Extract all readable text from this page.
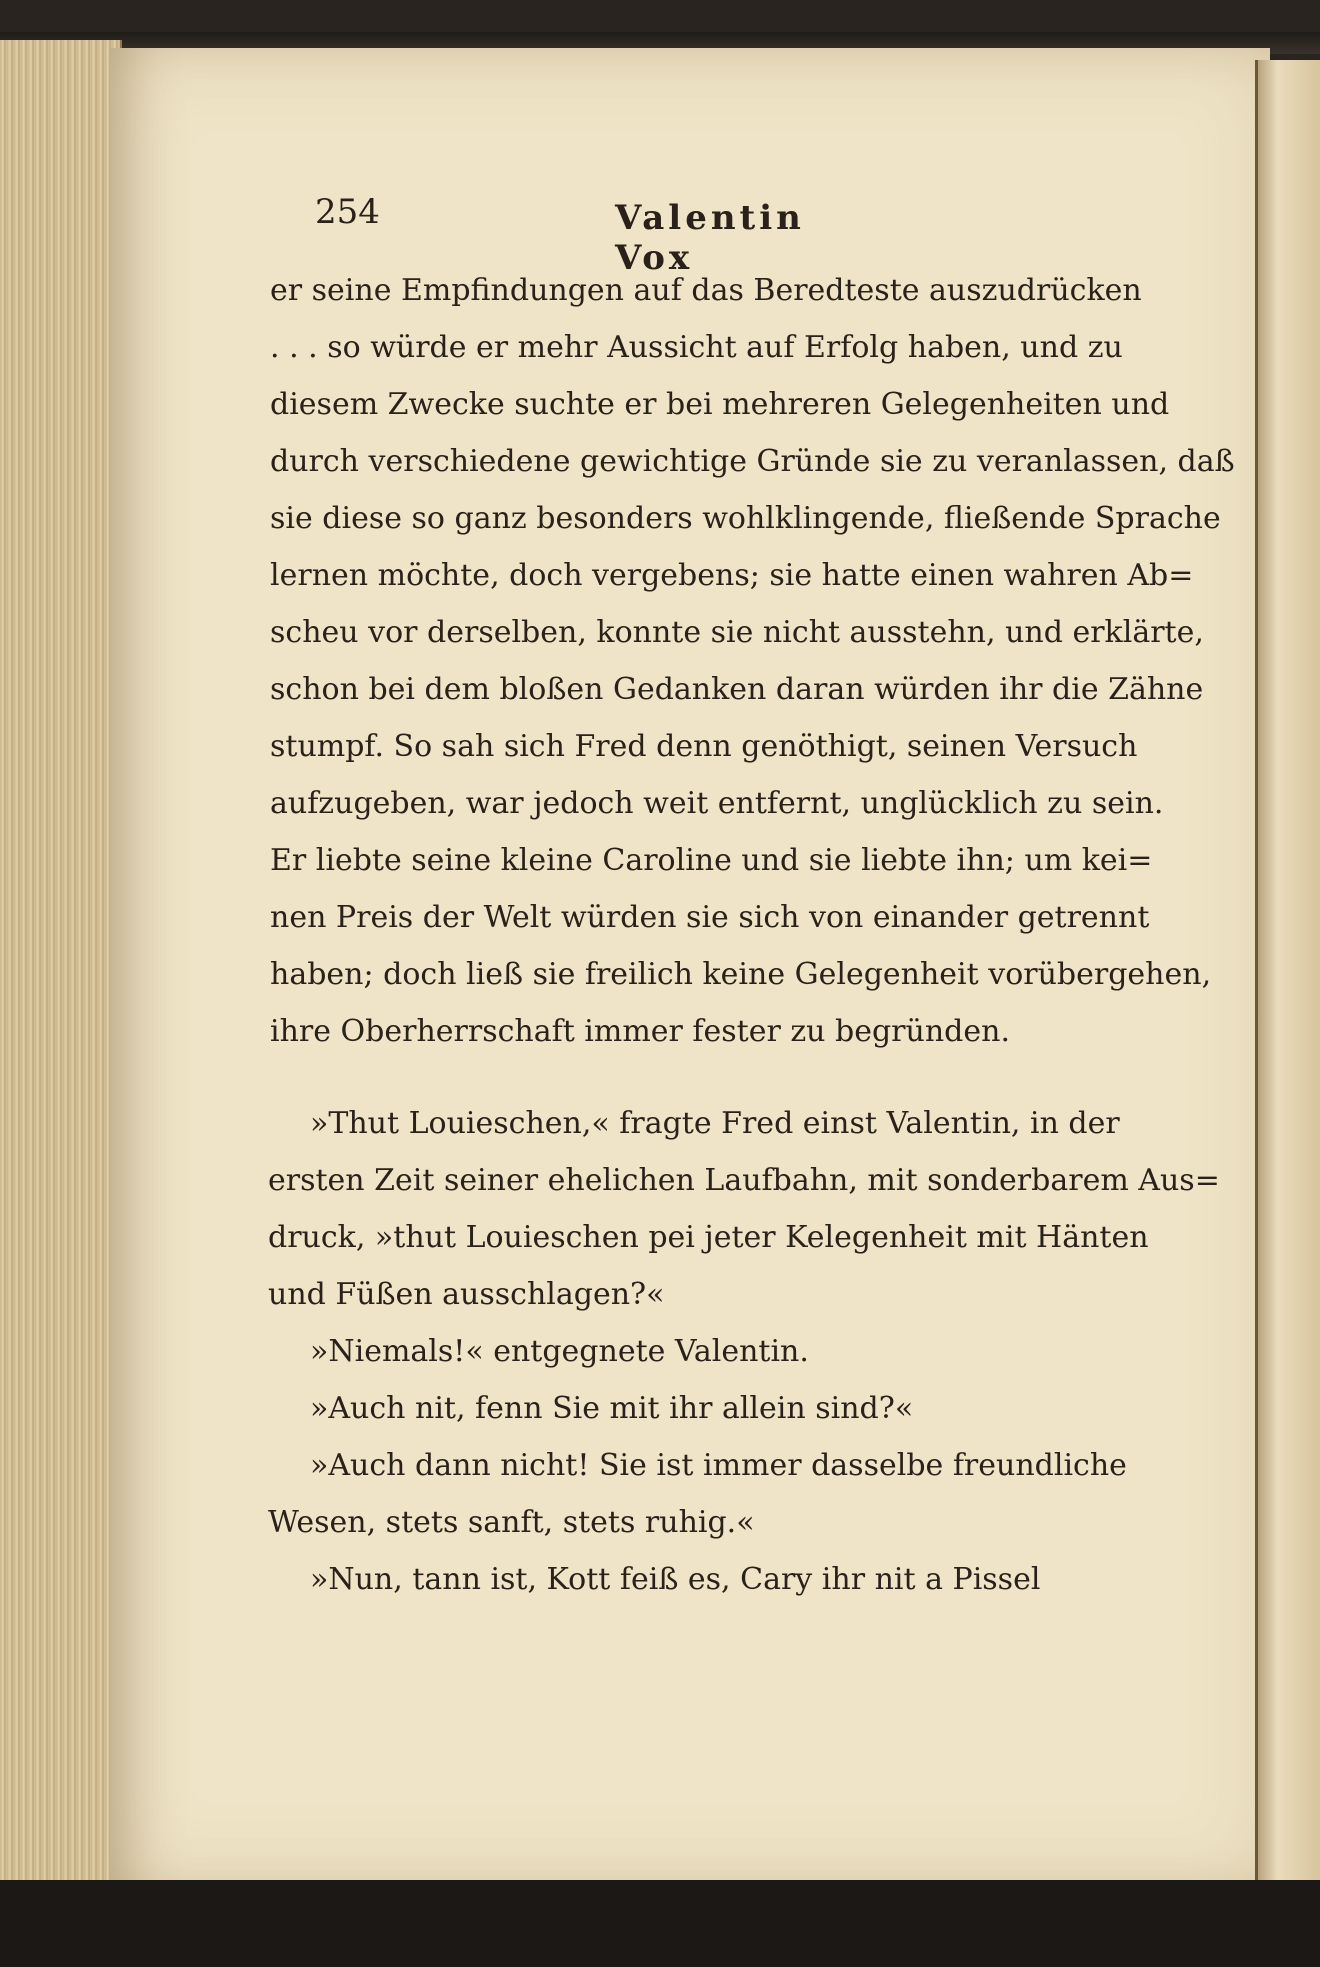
254	Valentin Vox
er seine Empfindungen auf das Beredteste auszudrücken
. . . so würde er mehr Aussicht auf Erfolg haben, und zu
diesem Zwecke suchte er bei mehreren Gelegenheiten und
durch verschiedene gewichtige Gründe sie zu veranlassen, daß
sie diese so ganz besonders wohlklingende, fließende Sprache
lernen möchte, doch vergebens; sie hatte einen wahren Ab=
scheu vor derselben, konnte sie nicht ausstehn, und erklärte,
schon bei dem bloßen Gedanken daran würden ihr die Zähne
stumpf. So sah sich Fred denn genöthigt, seinen Versuch
aufzugeben, war jedoch weit entfernt, unglücklich zu sein.
Er liebte seine kleine Caroline und sie liebte ihn; um kei=
nen Preis der Welt würden sie sich von einander getrennt
haben; doch ließ sie freilich keine Gelegenheit vorübergehen,
ihre Oberherrschaft immer fester zu begründen.
»Thut Louieschen,« fragte Fred einst Valentin, in der
ersten Zeit seiner ehelichen Laufbahn, mit sonderbarem Aus=
druck, »thut Louieschen pei jeter Kelegenheit mit Hänten
und Füßen ausschlagen?«
»Niemals!« entgegnete Valentin.
»Auch nit, fenn Sie mit ihr allein sind?«
»Auch dann nicht! Sie ist immer dasselbe freundliche
Wesen, stets sanft, stets ruhig.«
»Nun, tann ist, Kott feiß es, Cary ihr nit a Pissel
